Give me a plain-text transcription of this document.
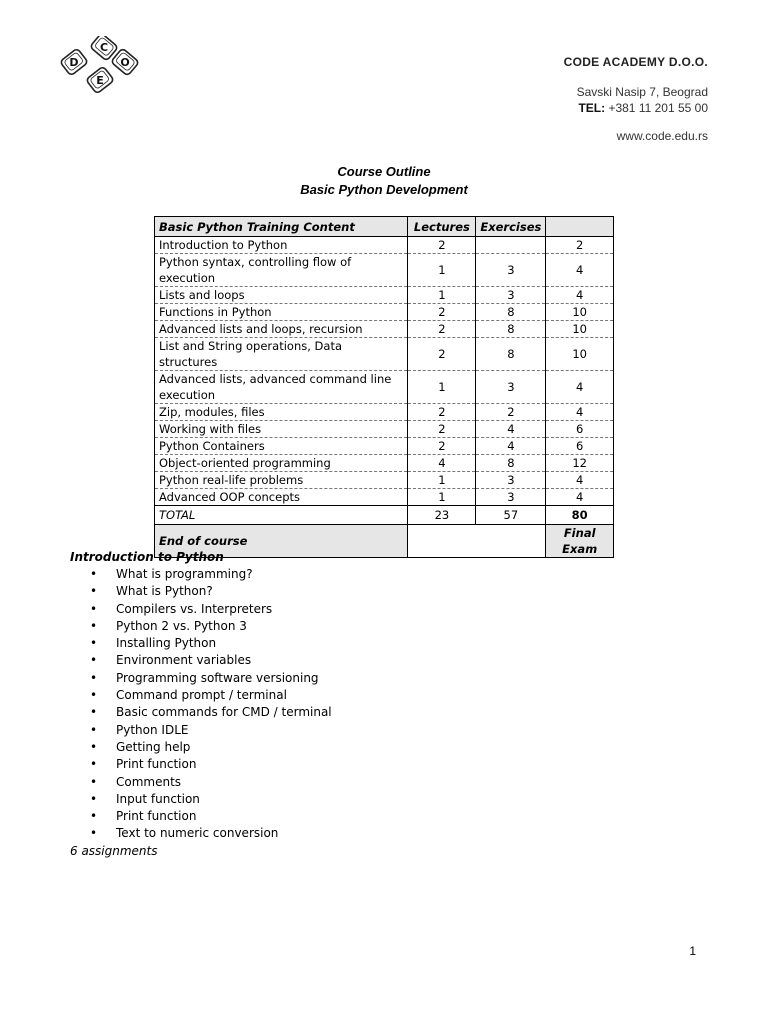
C
O
D
E
CODE ACADEMY D.O.O.
Savski Nasip 7, Beograd
TEL: +381 11 201 55 00
www.code.edu.rs
Course Outline
Basic Python Development
Basic Python Training Content	Lectures	Exercises	
Introduction to Python	2		2
Python syntax, controlling flow of execution	1	3	4
Lists and loops	1	3	4
Functions in Python	2	8	10
Advanced lists and loops, recursion	2	8	10
List and String operations, Data structures	2	8	10
Advanced lists, advanced command line execution	1	3	4
Zip, modules, files	2	2	4
Working with files	2	4	6
Python Containers	2	4	6
Object-oriented programming	4	8	12
Python real-life problems	1	3	4
Advanced OOP concepts	1	3	4
TOTAL	23	57	80
End of course			Final Exam
Introduction to Python
• What is programming?
• What is Python?
• Compilers vs. Interpreters
• Python 2 vs. Python 3
• Installing Python
• Environment variables
• Programming software versioning
• Command prompt / terminal
• Basic commands for CMD / terminal
• Python IDLE
• Getting help
• Print function
• Comments
• Input function
• Print function
• Text to numeric conversion
6 assignments
1
